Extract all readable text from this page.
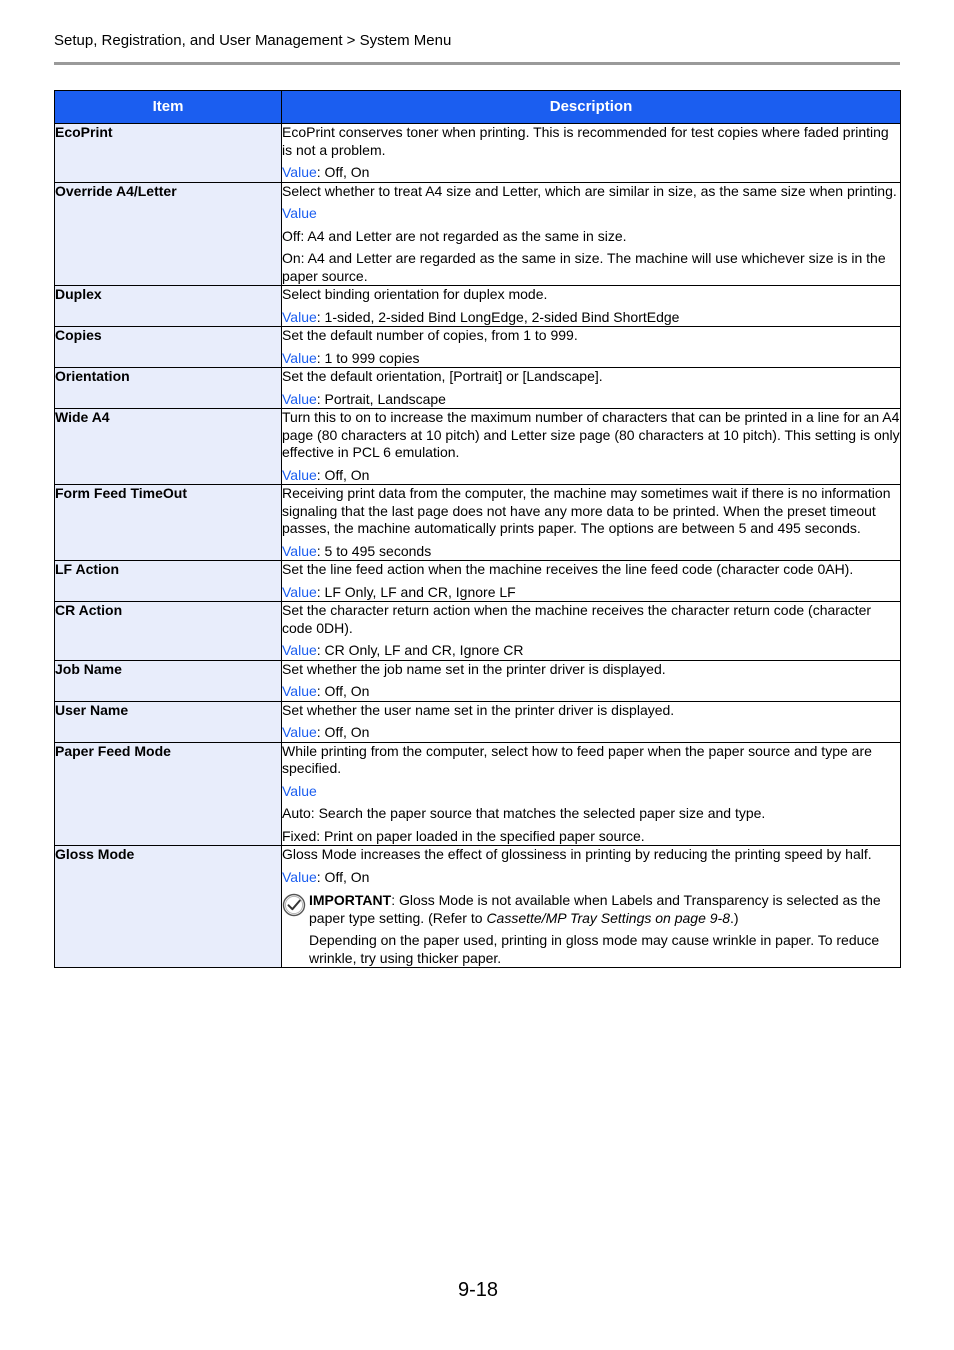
Setup, Registration, and User Management > System Menu
Item	Description
EcoPrint	EcoPrint conserves toner when printing. This is recommended for test copies where faded printing is not a problem.

Value: Off, On

Override A4/Letter	Select whether to treat A4 size and Letter, which are similar in size, as the same size when printing.

Value

Off: A4 and Letter are not regarded as the same in size.

On: A4 and Letter are regarded as the same in size. The machine will use whichever size is in the paper source.

Duplex	Select binding orientation for duplex mode.

Value: 1-sided, 2-sided Bind LongEdge, 2-sided Bind ShortEdge

Copies	Set the default number of copies, from 1 to 999.

Value: 1 to 999 copies

Orientation	Set the default orientation, [Portrait] or [Landscape].

Value: Portrait, Landscape

Wide A4	Turn this to on to increase the maximum number of characters that can be printed in a line for an A4 page (80 characters at 10 pitch) and Letter size page (80 characters at 10 pitch). This setting is only effective in PCL 6 emulation.

Value: Off, On

Form Feed TimeOut	Receiving print data from the computer, the machine may sometimes wait if there is no information signaling that the last page does not have any more data to be printed. When the preset timeout passes, the machine automatically prints paper. The options are between 5 and 495 seconds.

Value: 5 to 495 seconds

LF Action	Set the line feed action when the machine receives the line feed code (character code 0AH).

Value: LF Only, LF and CR, Ignore LF

CR Action	Set the character return action when the machine receives the character return code (character code 0DH).

Value: CR Only, LF and CR, Ignore CR

Job Name	Set whether the job name set in the printer driver is displayed.

Value: Off, On

User Name	Set whether the user name set in the printer driver is displayed.

Value: Off, On

Paper Feed Mode	While printing from the computer, select how to feed paper when the paper source and type are specified.

Value

Auto: Search the paper source that matches the selected paper size and type.

Fixed: Print on paper loaded in the specified paper source.

Gloss Mode	Gloss Mode increases the effect of glossiness in printing by reducing the printing speed by half.

Value: Off, On

IMPORTANT: Gloss Mode is not available when Labels and Transparency is selected as the paper type setting. (Refer to Cassette/MP Tray Settings on page 9-8.)

Depending on the paper used, printing in gloss mode may cause wrinkle in paper. To reduce wrinkle, try using thicker paper.

9-18
